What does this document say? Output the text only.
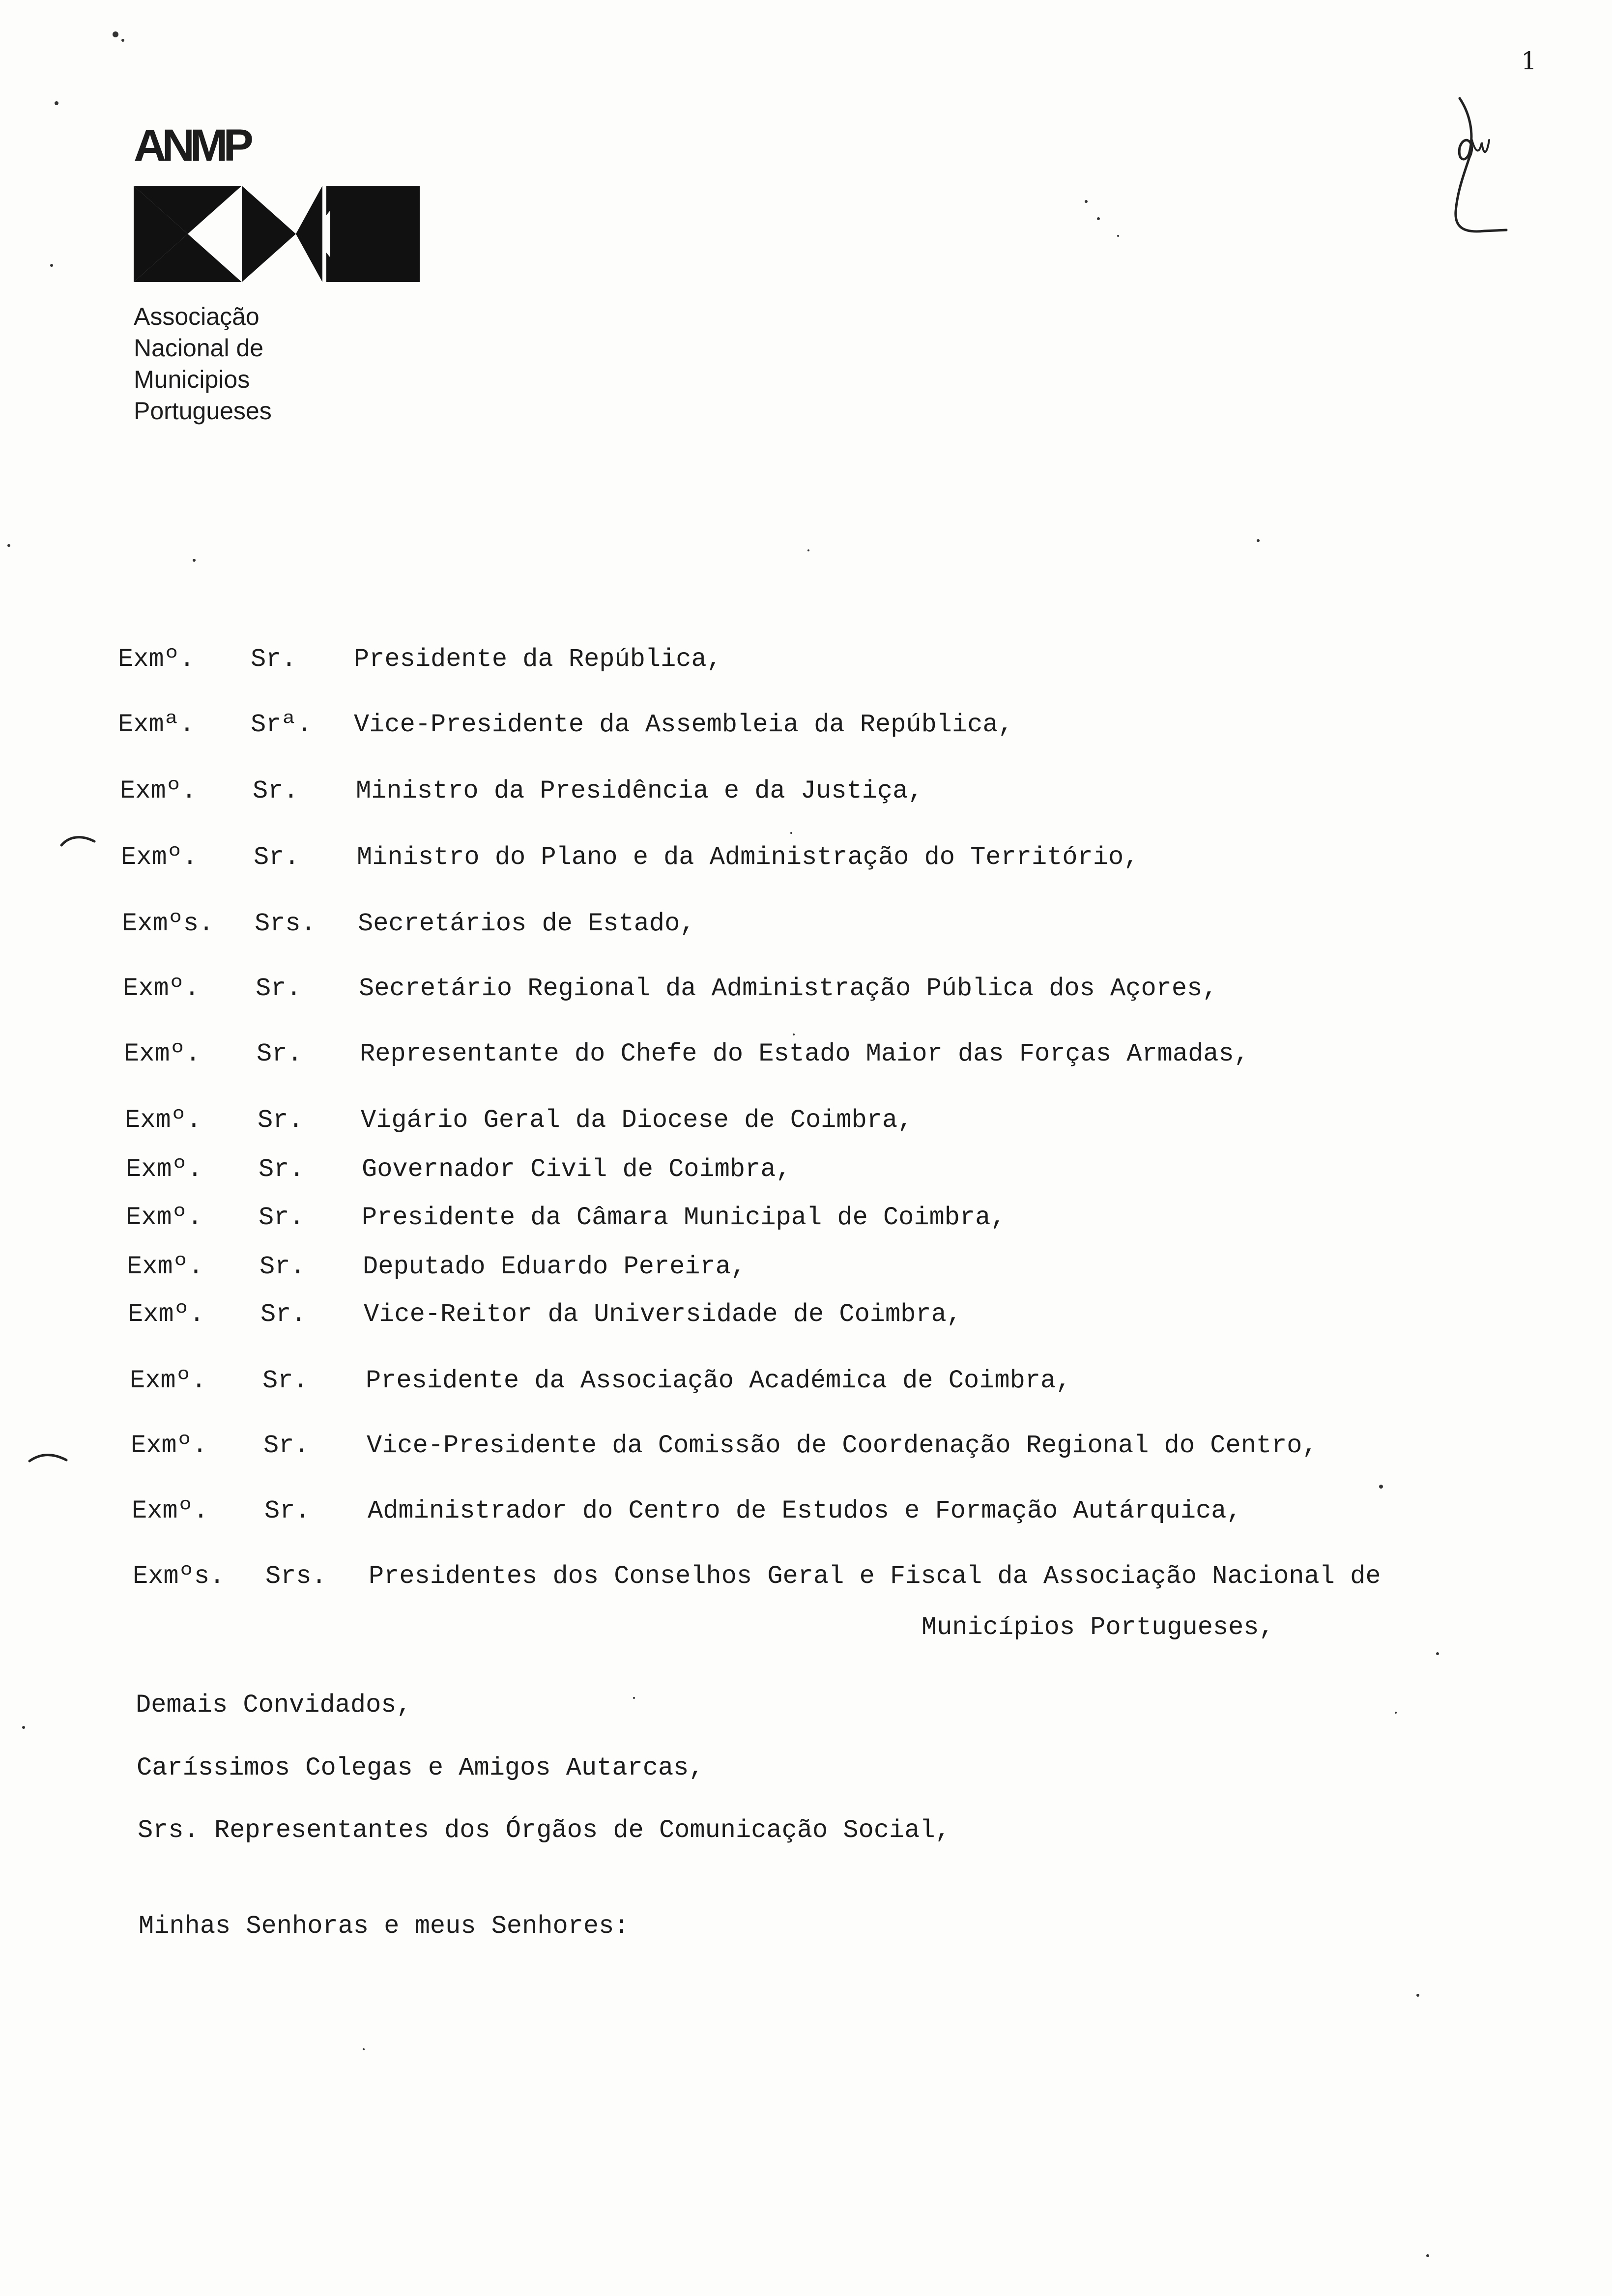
1
ANMP
Associação
Nacional de
Municipios
Portugueses
Exmº. Sr. Presidente da República,
Exmª. Srª. Vice-Presidente da Assembleia da República,
Exmº. Sr. Ministro da Presidência e da Justiça,
Exmº. Sr. Ministro do Plano e da Administração do Território,
Exmºs. Srs. Secretários de Estado,
Exmº. Sr. Secretário Regional da Administração Pública dos Açores,
Exmº. Sr. Representante do Chefe do Estado Maior das Forças Armadas,
Exmº. Sr. Vigário Geral da Diocese de Coimbra,
Exmº. Sr. Governador Civil de Coimbra,
Exmº. Sr. Presidente da Câmara Municipal de Coimbra,
Exmº. Sr. Deputado Eduardo Pereira,
Exmº. Sr. Vice-Reitor da Universidade de Coimbra,
Exmº. Sr. Presidente da Associação Académica de Coimbra,
Exmº. Sr. Vice-Presidente da Comissão de Coordenação Regional do Centro,
Exmº. Sr. Administrador do Centro de Estudos e Formação Autárquica,
Exmºs. Srs. Presidentes dos Conselhos Geral e Fiscal da Associação Nacional de
Municípios Portugueses,
Demais Convidados,
Caríssimos Colegas e Amigos Autarcas,
Srs. Representantes dos Órgãos de Comunicação Social,
Minhas Senhoras e meus Senhores:
